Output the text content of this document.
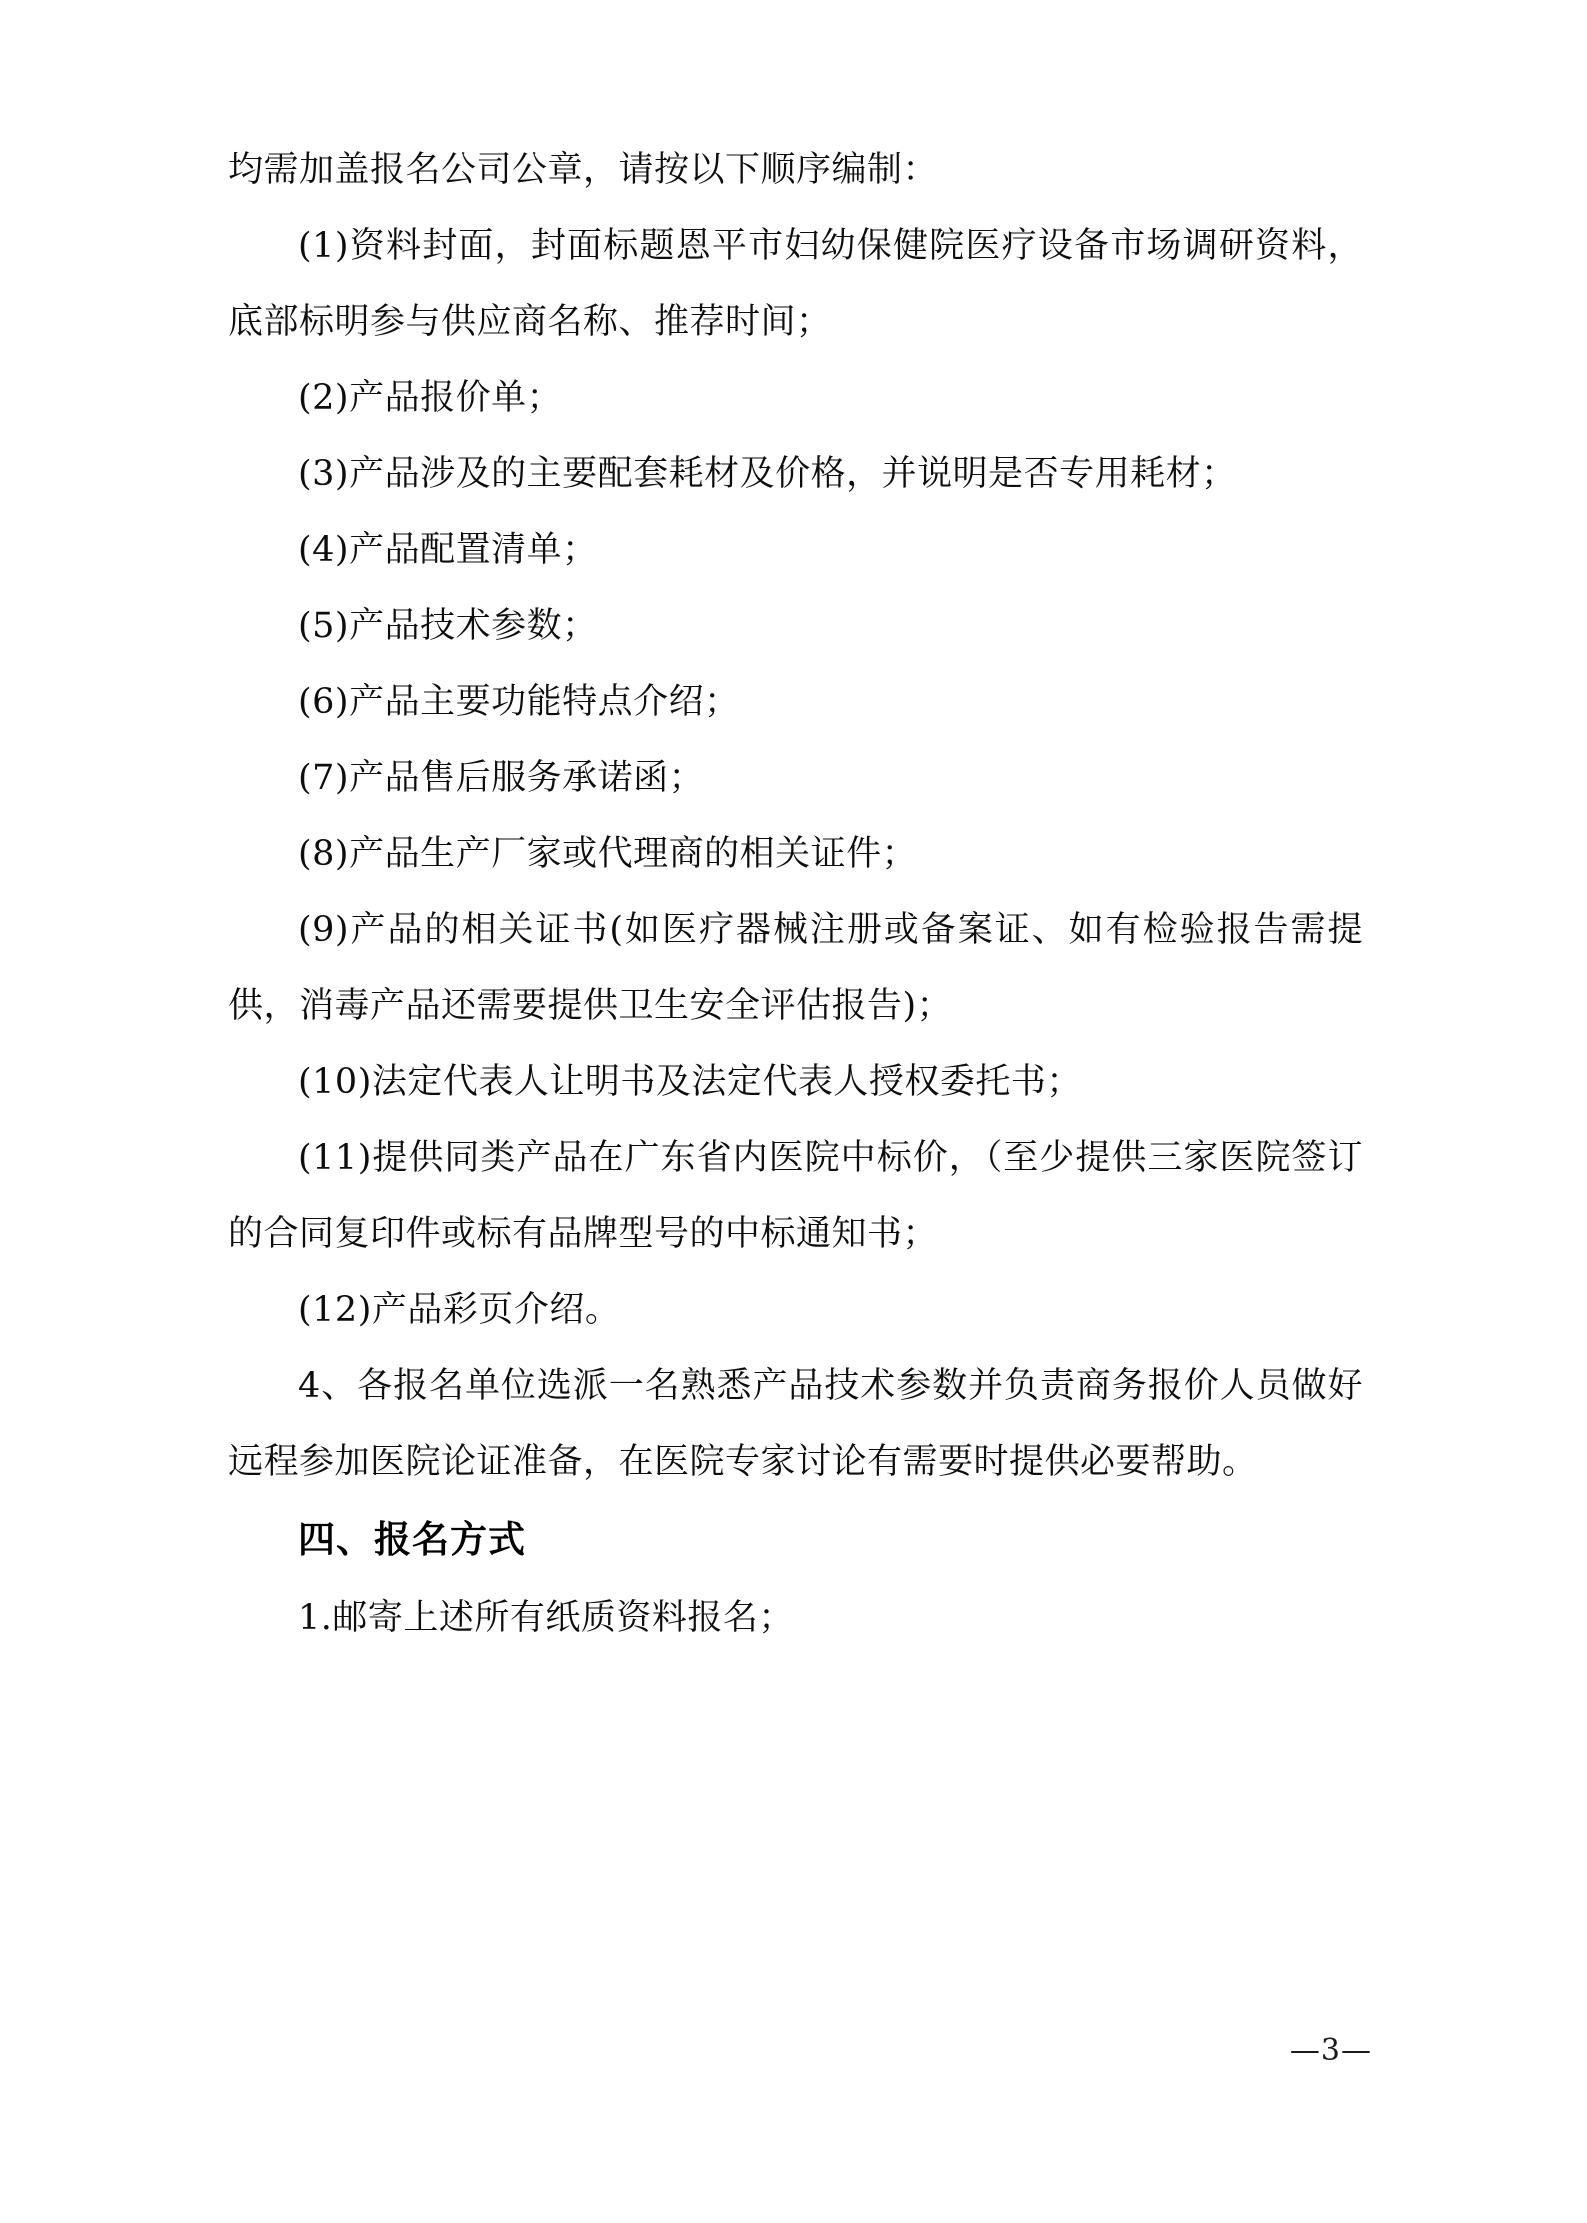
均需加盖报名公司公章，请按以下顺序编制：

(1)资料封面，封面标题恩平市妇幼保健院医疗设备市场调研资料，底部标明参与供应商名称、推荐时间；

(2)产品报价单；

(3)产品涉及的主要配套耗材及价格，并说明是否专用耗材；

(4)产品配置清单；

(5)产品技术参数；

(6)产品主要功能特点介绍；

(7)产品售后服务承诺函；

(8)产品生产厂家或代理商的相关证件；

(9)产品的相关证书(如医疗器械注册或备案证、如有检验报告需提供，消毒产品还需要提供卫生安全评估报告)；

(10)法定代表人让明书及法定代表人授权委托书；

(11)提供同类产品在广东省内医院中标价，（至少提供三家医院签订的合同复印件或标有品牌型号的中标通知书；

(12)产品彩页介绍。

4、各报名单位选派一名熟悉产品技术参数并负责商务报价人员做好远程参加医院论证准备，在医院专家讨论有需要时提供必要帮助。

四、报名方式

1.邮寄上述所有纸质资料报名；

—3—
